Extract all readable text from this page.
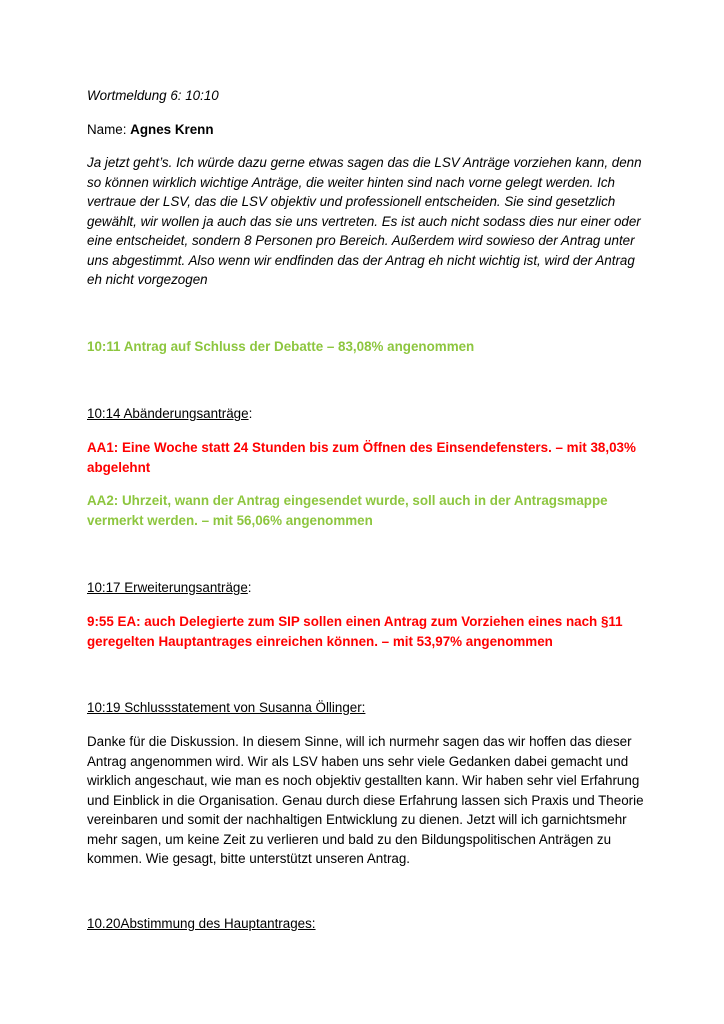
Wortmeldung 6: 10:10

Name: Agnes Krenn

Ja jetzt geht’s. Ich würde dazu gerne etwas sagen das die LSV Anträge vorziehen kann, denn so können wirklich wichtige Anträge, die weiter hinten sind nach vorne gelegt werden. Ich vertraue der LSV, das die LSV objektiv und professionell entscheiden. Sie sind gesetzlich gewählt, wir wollen ja auch das sie uns vertreten. Es ist auch nicht sodass dies nur einer oder eine entscheidet, sondern 8 Personen pro Bereich. Außerdem wird sowieso der Antrag unter uns abgestimmt. Also wenn wir endfinden das der Antrag eh nicht wichtig ist, wird der Antrag eh nicht vorgezogen

10:11 Antrag auf Schluss der Debatte – 83,08% angenommen

10:14 Abänderungsanträge:

AA1: Eine Woche statt 24 Stunden bis zum Öffnen des Einsendefensters. – mit 38,03% abgelehnt

AA2: Uhrzeit, wann der Antrag eingesendet wurde, soll auch in der Antragsmappe vermerkt werden. – mit 56,06% angenommen

10:17 Erweiterungsanträge:

9:55 EA: auch Delegierte zum SIP sollen einen Antrag zum Vorziehen eines nach §11 geregelten Hauptantrages einreichen können. – mit 53,97% angenommen

10:19 Schlussstatement von Susanna Öllinger:

Danke für die Diskussion. In diesem Sinne, will ich nurmehr sagen das wir hoffen das dieser Antrag angenommen wird. Wir als LSV haben uns sehr viele Gedanken dabei gemacht und wirklich angeschaut, wie man es noch objektiv gestallten kann. Wir haben sehr viel Erfahrung und Einblick in die Organisation. Genau durch diese Erfahrung lassen sich Praxis und Theorie vereinbaren und somit der nachhaltigen Entwicklung zu dienen. Jetzt will ich garnichtsmehr mehr sagen, um keine Zeit zu verlieren und bald zu den Bildungspolitischen Anträgen zu kommen. Wie gesagt, bitte unterstützt unseren Antrag.

10.20Abstimmung des Hauptantrages:
